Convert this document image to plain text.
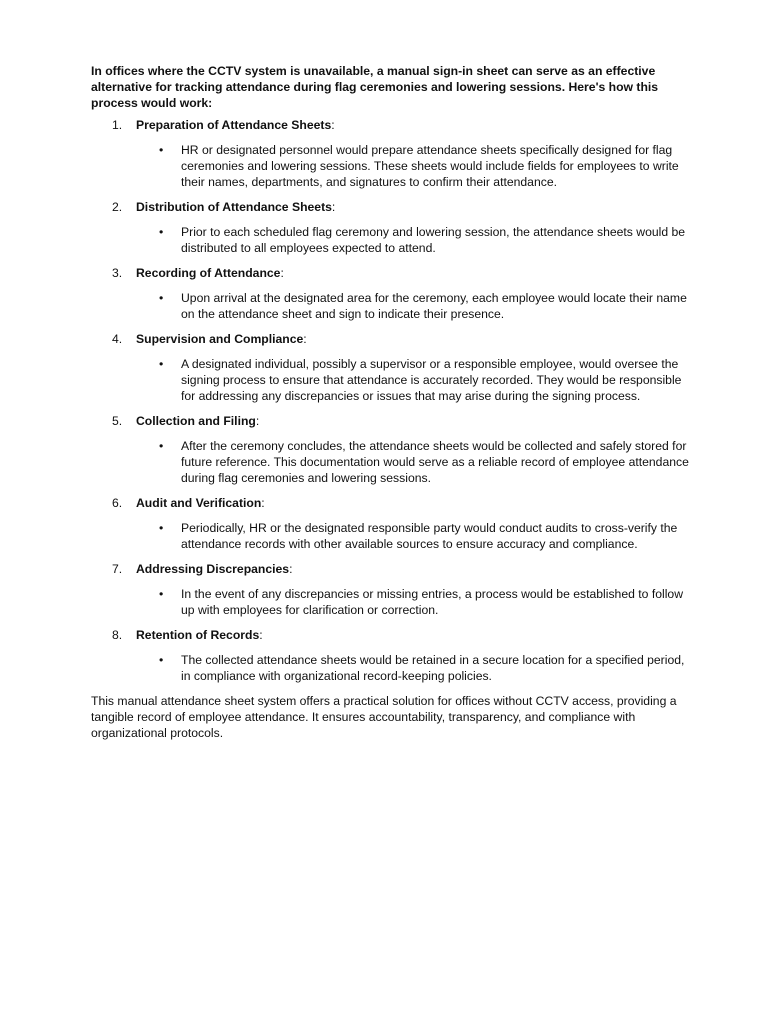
In offices where the CCTV system is unavailable, a manual sign-in sheet can serve as an effective alternative for tracking attendance during flag ceremonies and lowering sessions. Here's how this process would work:

1. Preparation of Attendance Sheets:
• HR or designated personnel would prepare attendance sheets specifically designed for flag ceremonies and lowering sessions. These sheets would include fields for employees to write their names, departments, and signatures to confirm their attendance.
2. Distribution of Attendance Sheets:
• Prior to each scheduled flag ceremony and lowering session, the attendance sheets would be distributed to all employees expected to attend.
3. Recording of Attendance:
• Upon arrival at the designated area for the ceremony, each employee would locate their name on the attendance sheet and sign to indicate their presence.
4. Supervision and Compliance:
• A designated individual, possibly a supervisor or a responsible employee, would oversee the signing process to ensure that attendance is accurately recorded. They would be responsible for addressing any discrepancies or issues that may arise during the signing process.
5. Collection and Filing:
• After the ceremony concludes, the attendance sheets would be collected and safely stored for future reference. This documentation would serve as a reliable record of employee attendance during flag ceremonies and lowering sessions.
6. Audit and Verification:
• Periodically, HR or the designated responsible party would conduct audits to cross-verify the attendance records with other available sources to ensure accuracy and compliance.
7. Addressing Discrepancies:
• In the event of any discrepancies or missing entries, a process would be established to follow up with employees for clarification or correction.
8. Retention of Records:
• The collected attendance sheets would be retained in a secure location for a specified period, in compliance with organizational record-keeping policies.

This manual attendance sheet system offers a practical solution for offices without CCTV access, providing a tangible record of employee attendance. It ensures accountability, transparency, and compliance with organizational protocols.
